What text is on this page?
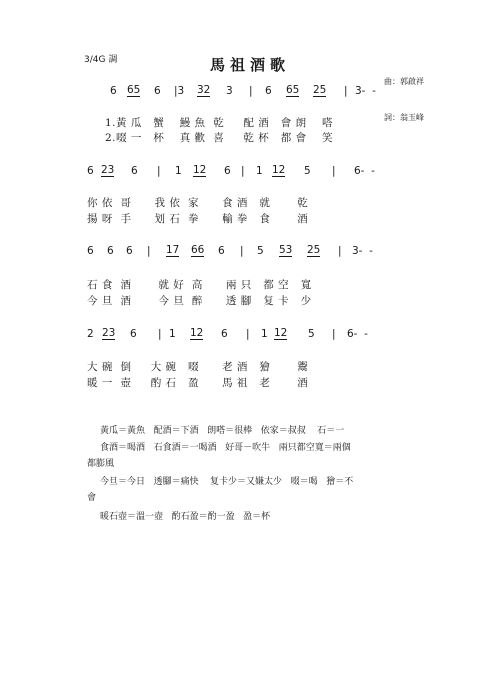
3/4G 調	馬祖酒歌

曲：郭啟祥

詞：翁玉峰

6 65 6 |3 32 3 | 6 65 25 | 3-  -
1.黃 瓜   蟹    鰻 魚  乾     配 酒   會 朗    嗒
2.啜 一   杯    真 歡  喜     乾 杯   都 會    笑
6 23 6 | 1 12 6 | 1 12 5 | 6-  -
你 依  哥      我 依  家      食 酒   就       乾
揚 呀  手      划 石  拳      輸 拳   食       酒
6 6 6 | 17 66 6 | 5 53 25 | 3-  -
石 食  酒       就 好  高      兩 只   都 空   寬
今 旦  酒       今 旦  醉      透 腳   复 卡   少
2 23 6 | 1 12 6 | 1 12 5 | 6-  -
大 碗  倒     大 碗   啜      老 酒   獪       鬻
暖 一  壺     酌 石   盈      馬 祖   老       酒
黃瓜＝黃魚   配酒＝下酒   朗嗒＝很棒   依家＝叔叔    石＝一
食酒＝喝酒   石食酒＝一喝酒   好哥－吹牛   兩只都空寬＝兩個
都膨風
今旦＝今日   透腳＝痛快    复卡少＝又嫌太少   啜＝喝   獪＝不
會
暖石壺＝溫一壺   酌石盈＝酌一盈   盈＝杯
